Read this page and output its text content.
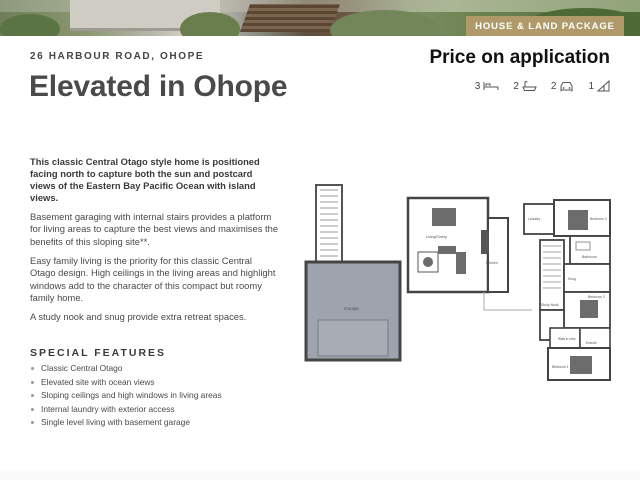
HOUSE & LAND PACKAGE
26 HARBOUR ROAD, OHOPE
Elevated in Ohope
Price on application
3	2	2	1

This classic Central Otago style home is positioned facing north to capture both the sun and postcard views of the Eastern Bay Pacific Ocean with island views.

Basement garaging with internal stairs provides a platform for living areas to capture the best views and maximises the benefits of this sloping site**.

Easy family living is the priority for this classic Central Otago design. High ceilings in the living areas and highlight windows add to the character of this compact but roomy family home.

A study nook and snug provide extra retreat spaces.

SPECIAL FEATURES
Classic Central Otago
Elevated site with ocean views
Sloping ceilings and high windows in living areas
Internal laundry with exterior access
Single level living with basement garage
Garage
Living/Dining
Kitchen
Laundry	Bedroom 3
Bathroom
Snug
Bedroom 2
Study Nook
Walk in robe
Ensuite
Bedroom 1
